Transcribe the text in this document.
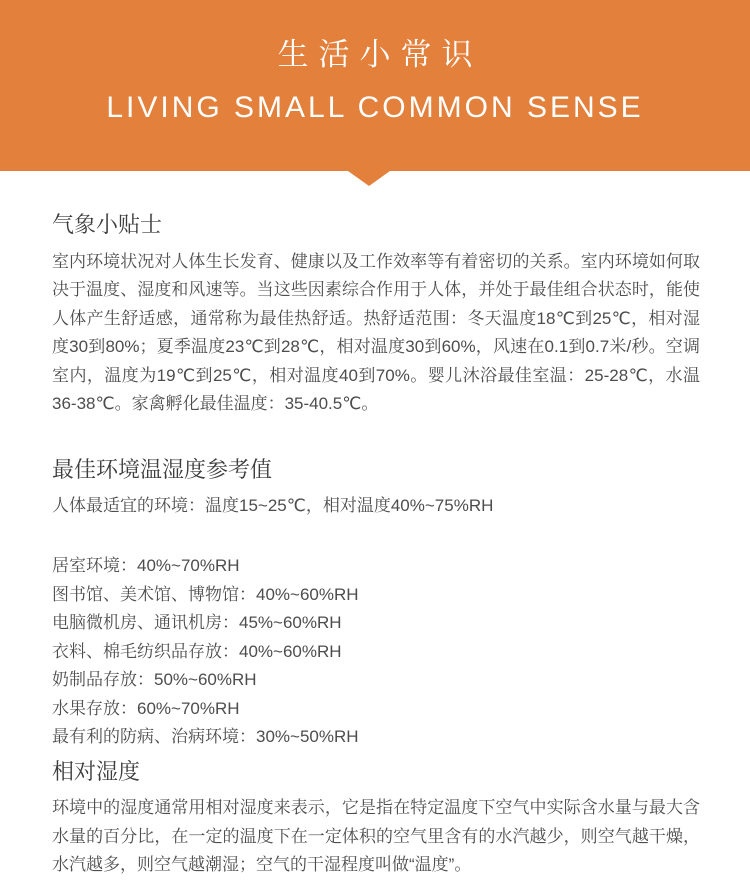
生活小常识
LIVING SMALL COMMON SENSE
气象小贴士

室内环境状况对人体生长发育、健康以及工作效率等有着密切的关系。室内环境如何取决于温度、湿度和风速等。当这些因素综合作用于人体，并处于最佳组合状态时，能使人体产生舒适感，通常称为最佳热舒适。热舒适范围：冬天温度18℃到25℃，相对湿度30到80%；夏季温度23℃到28℃，相对温度30到60%，风速在0.1到0.7米/秒。空调室内，温度为19℃到25℃，相对温度40到70%。婴儿沐浴最佳室温：25-28℃，水温36-38℃。家禽孵化最佳温度：35-40.5℃。

最佳环境温湿度参考值

人体最适宜的环境：温度15~25℃，相对温度40%~75%RH

居室环境：40%~70%RH
图书馆、美术馆、博物馆：40%~60%RH
电脑微机房、通讯机房：45%~60%RH
衣料、棉毛纺织品存放：40%~60%RH
奶制品存放：50%~60%RH
水果存放：60%~70%RH
最有利的防病、治病环境：30%~50%RH
相对湿度

环境中的湿度通常用相对湿度来表示，它是指在特定温度下空气中实际含水量与最大含水量的百分比，在一定的温度下在一定体积的空气里含有的水汽越少，则空气越干燥，水汽越多，则空气越潮湿；空气的干湿程度叫做“温度”。
